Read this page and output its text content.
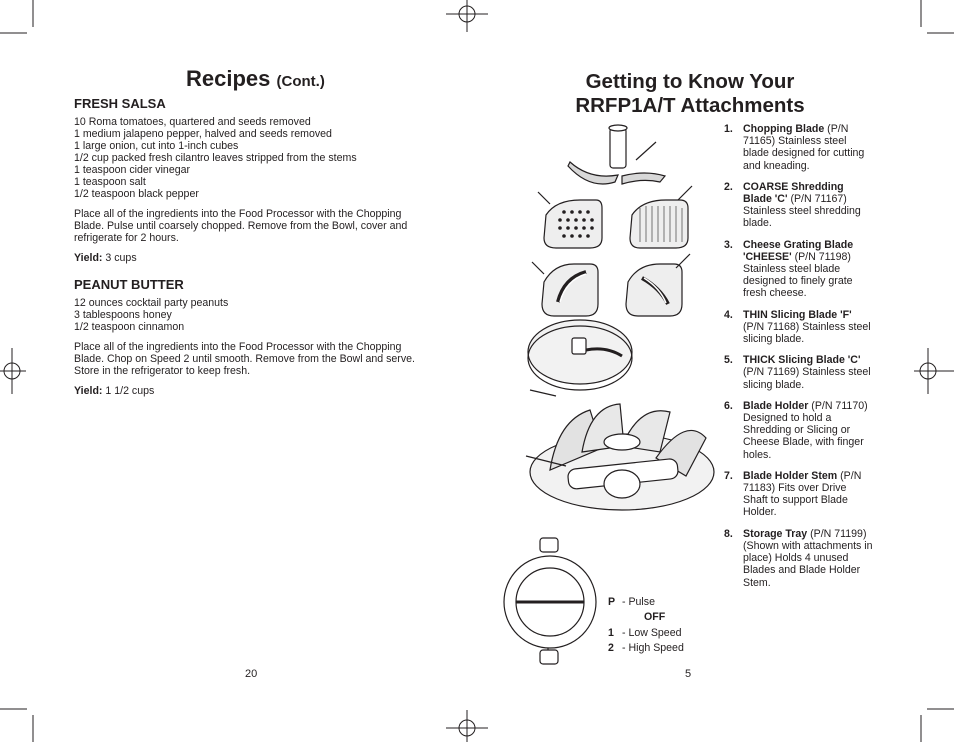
Recipes (Cont.)
FRESH SALSA
10 Roma tomatoes, quartered and seeds removed
1 medium jalapeno pepper, halved and seeds removed
1 large onion, cut into 1-inch cubes
1/2 cup packed fresh cilantro leaves stripped from the stems
1 teaspoon cider vinegar
1 teaspoon salt
1/2 teaspoon black pepper

Place all of the ingredients into the Food Processor with the Chopping Blade. Pulse until coarsely chopped. Remove from the Bowl, cover and refrigerate for 2 hours.

Yield: 3 cups

PEANUT BUTTER
12 ounces cocktail party peanuts
3 tablespoons honey
1/2 teaspoon cinnamon

Place all of the ingredients into the Food Processor with the Chopping Blade. Chop on Speed 2 until smooth. Remove from the Bowl and serve. Store in the refrigerator to keep fresh.

Yield: 1 1/2 cups

20
Getting to Know Your
RRFP1A/T Attachments
1. Chopping Blade (P/N 71165) Stainless steel blade designed for cutting and kneading.
2. COARSE Shredding Blade 'C' (P/N 71167) Stainless steel shredding blade.
3. Cheese Grating Blade 'CHEESE' (P/N 71198) Stainless steel blade designed to finely grate fresh cheese.
4. THIN Slicing Blade 'F' (P/N 71168) Stainless steel slicing blade.
5. THICK Slicing Blade 'C' (P/N 71169) Stainless steel slicing blade.
6. Blade Holder (P/N 71170) Designed to hold a Shredding or Slicing or Cheese Blade, with finger holes.
7. Blade Holder Stem (P/N 71183) Fits over Drive Shaft to support Blade Holder.
8. Storage Tray (P/N 71199) (Shown with attachments in place) Holds 4 unused Blades and Blade Holder Stem.
P - Pulse
OFF
1 - Low Speed
2 - High Speed
5
